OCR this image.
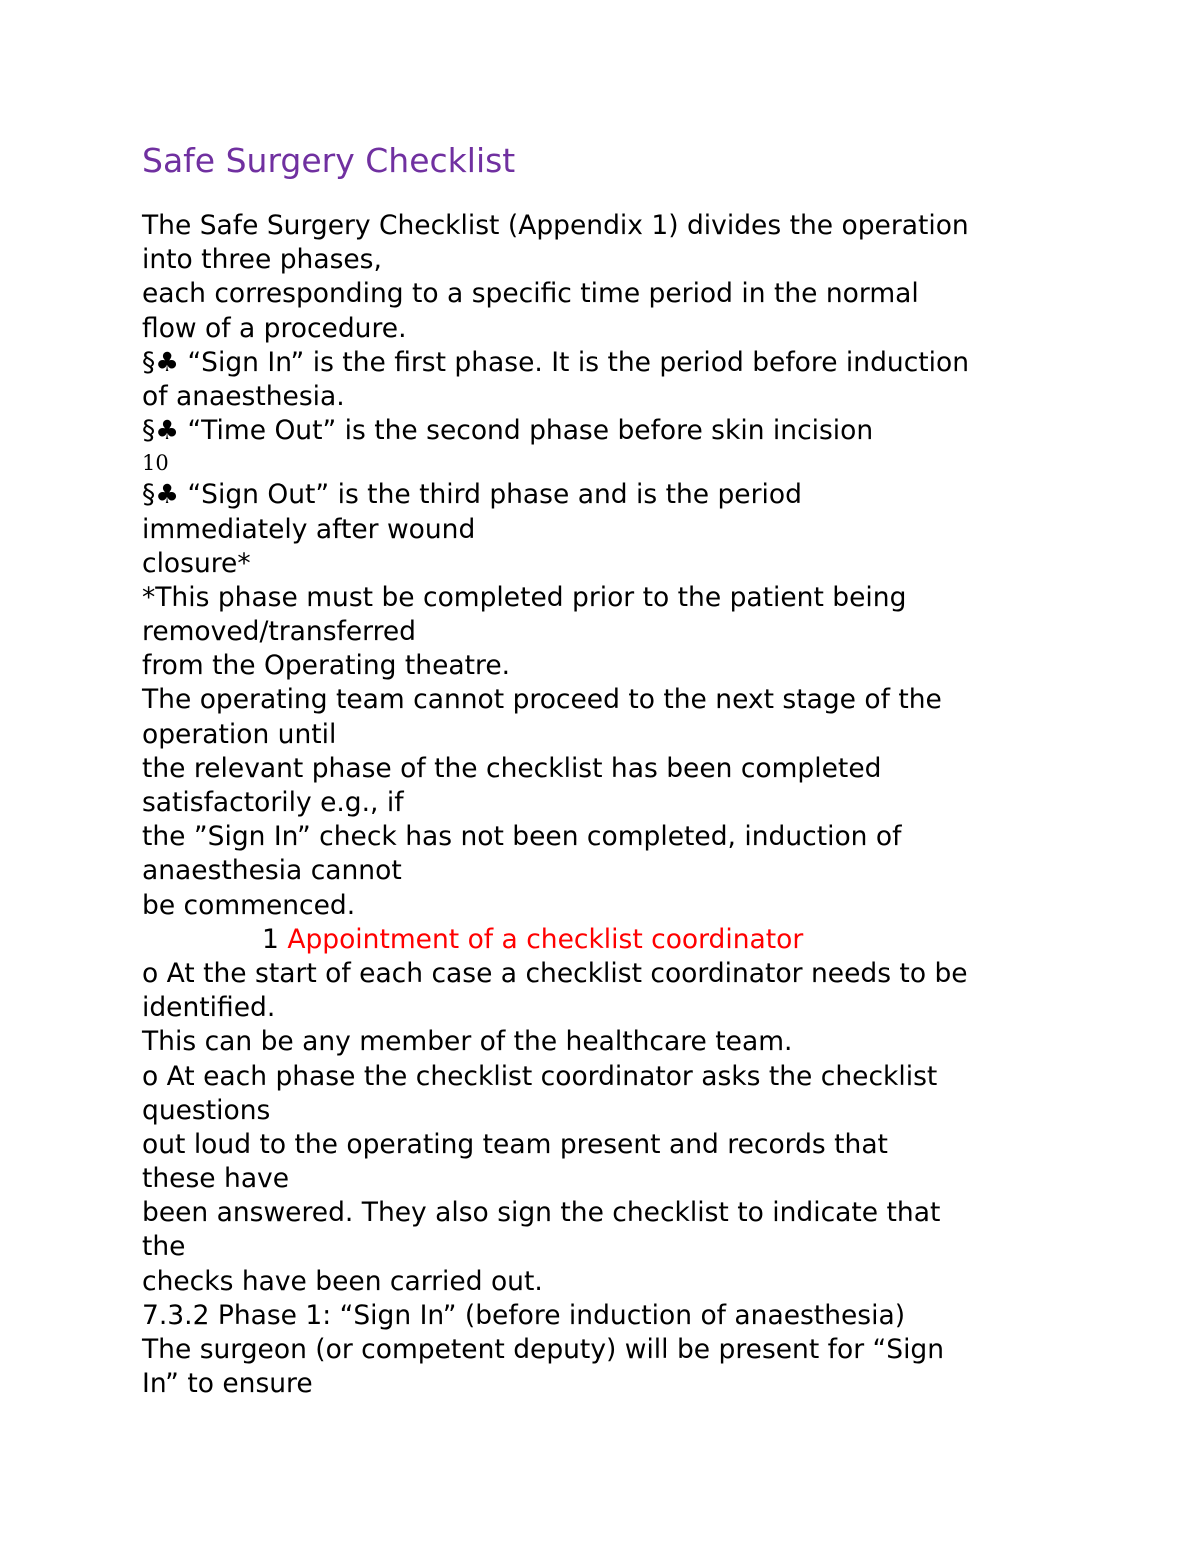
Safe Surgery Checklist
The Safe Surgery Checklist (Appendix 1) divides the operation
into three phases,
each corresponding to a specific time period in the normal
flow of a procedure.
§♣ “Sign In” is the first phase. It is the period before induction
of anaesthesia.
§♣ “Time Out” is the second phase before skin incision
10
§♣ “Sign Out” is the third phase and is the period
immediately after wound
closure*
*This phase must be completed prior to the patient being
removed/transferred
from the Operating theatre.
The operating team cannot proceed to the next stage of the
operation until
the relevant phase of the checklist has been completed
satisfactorily e.g., if
the ”Sign In” check has not been completed, induction of
anaesthesia cannot
be commenced.
1 Appointment of a checklist coordinator
o At the start of each case a checklist coordinator needs to be
identified.
This can be any member of the healthcare team.
o At each phase the checklist coordinator asks the checklist
questions
out loud to the operating team present and records that
these have
been answered. They also sign the checklist to indicate that
the
checks have been carried out.
7.3.2 Phase 1: “Sign In” (before induction of anaesthesia)
The surgeon (or competent deputy) will be present for “Sign
In” to ensure
